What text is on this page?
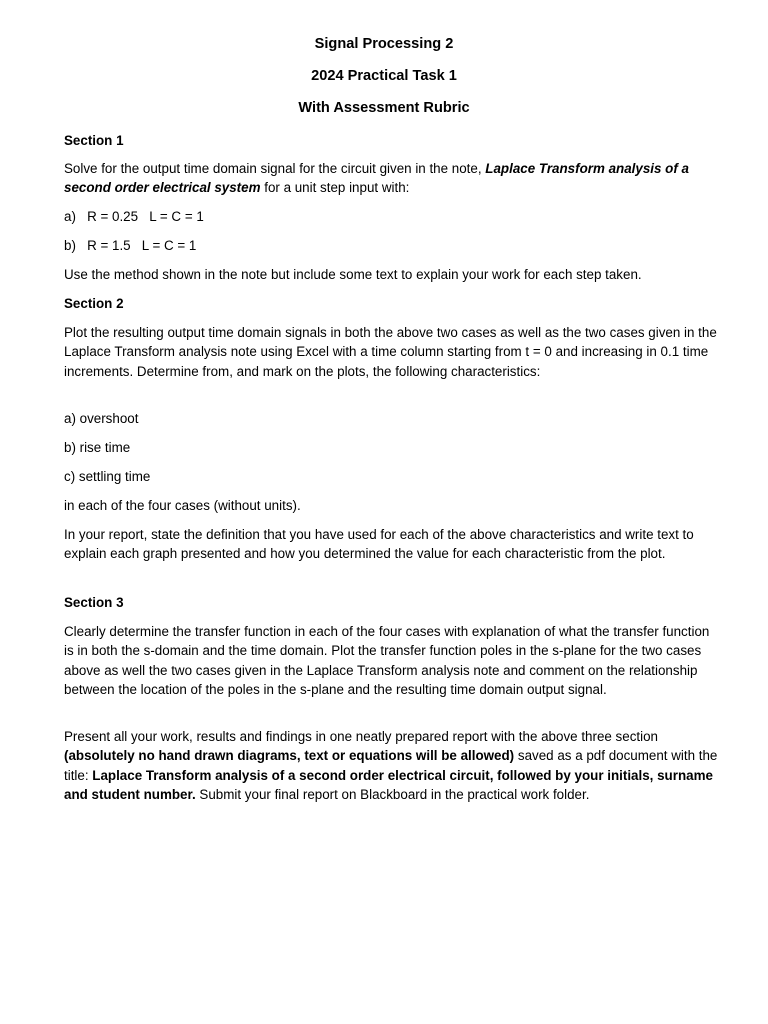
Signal Processing 2

2024 Practical Task 1

With Assessment Rubric

Section 1

Solve for the output time domain signal for the circuit given in the note, Laplace Transform analysis of a second order electrical system for a unit step input with:

a)   R = 0.25   L = C = 1

b)   R = 1.5   L = C = 1

Use the method shown in the note but include some text to explain your work for each step taken.

Section 2

Plot the resulting output time domain signals in both the above two cases as well as the two cases given in the Laplace Transform analysis note using Excel with a time column starting from t = 0 and increasing in 0.1 time increments. Determine from, and mark on the plots, the following characteristics:

a) overshoot

b) rise time

c) settling time

in each of the four cases (without units).

In your report, state the definition that you have used for each of the above characteristics and write text to explain each graph presented and how you determined the value for each characteristic from the plot.

Section 3

Clearly determine the transfer function in each of the four cases with explanation of what the transfer function is in both the s-domain and the time domain. Plot the transfer function poles in the s-plane for the two cases above as well the two cases given in the Laplace Transform analysis note and comment on the relationship between the location of the poles in the s-plane and the resulting time domain output signal.

Present all your work, results and findings in one neatly prepared report with the above three section (absolutely no hand drawn diagrams, text or equations will be allowed) saved as a pdf document with the title: Laplace Transform analysis of a second order electrical circuit, followed by your initials, surname and student number. Submit your final report on Blackboard in the practical work folder.
